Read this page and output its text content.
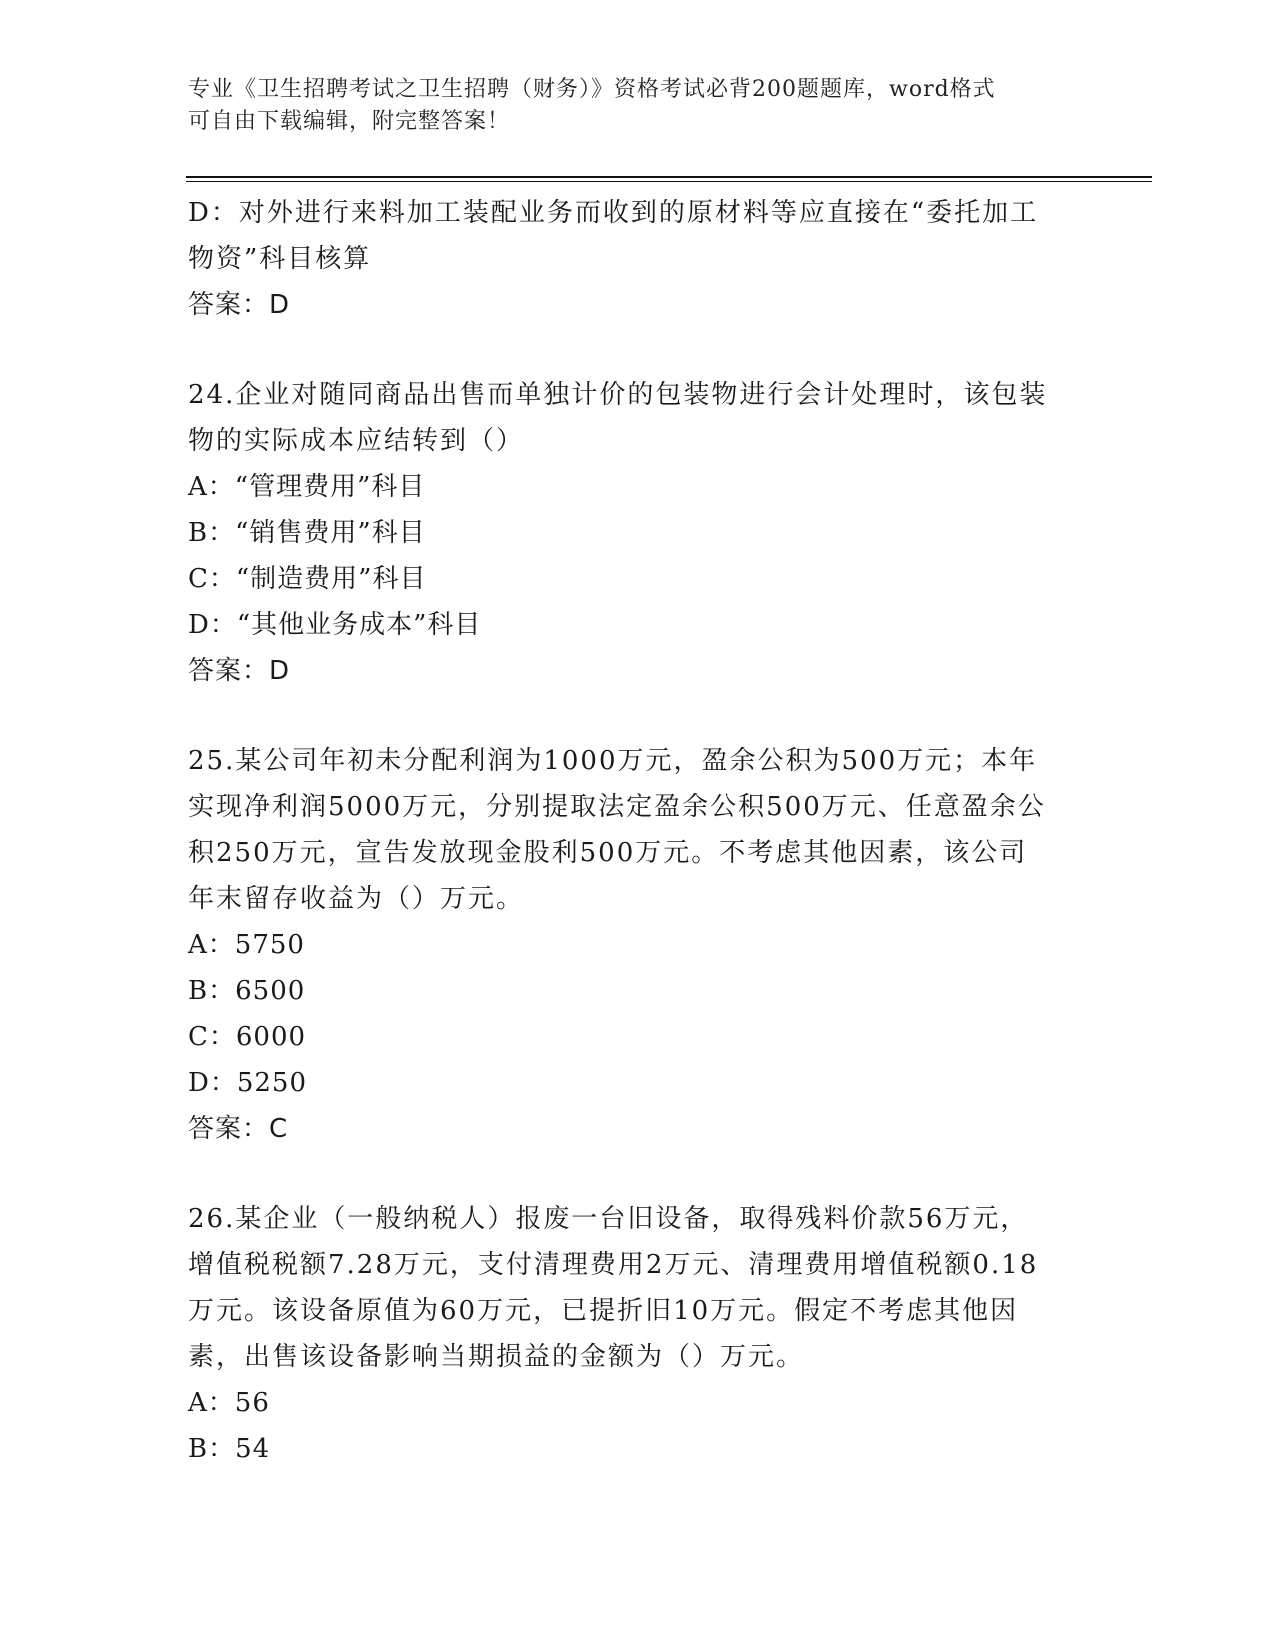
专业《卫生招聘考试之卫生招聘（财务）》资格考试必背200题题库，word格式

可自由下载编辑，附完整答案！

D：对外进行来料加工装配业务而收到的原材料等应直接在“委托加工

物资”科目核算

答案：D

24.企业对随同商品出售而单独计价的包装物进行会计处理时，该包装

物的实际成本应结转到（）

A：“管理费用”科目

B：“销售费用”科目

C：“制造费用”科目

D：“其他业务成本”科目

答案：D

25.某公司年初未分配利润为1000万元，盈余公积为500万元；本年

实现净利润5000万元，分别提取法定盈余公积500万元、任意盈余公

积250万元，宣告发放现金股利500万元。不考虑其他因素，该公司

年末留存收益为（）万元。

A：5750

B：6500

C：6000

D：5250

答案：C

26.某企业（一般纳税人）报废一台旧设备，取得残料价款56万元，

增值税税额7.28万元，支付清理费用2万元、清理费用增值税额0.18

万元。该设备原值为60万元，已提折旧10万元。假定不考虑其他因

素，出售该设备影响当期损益的金额为（）万元。

A：56

B：54
